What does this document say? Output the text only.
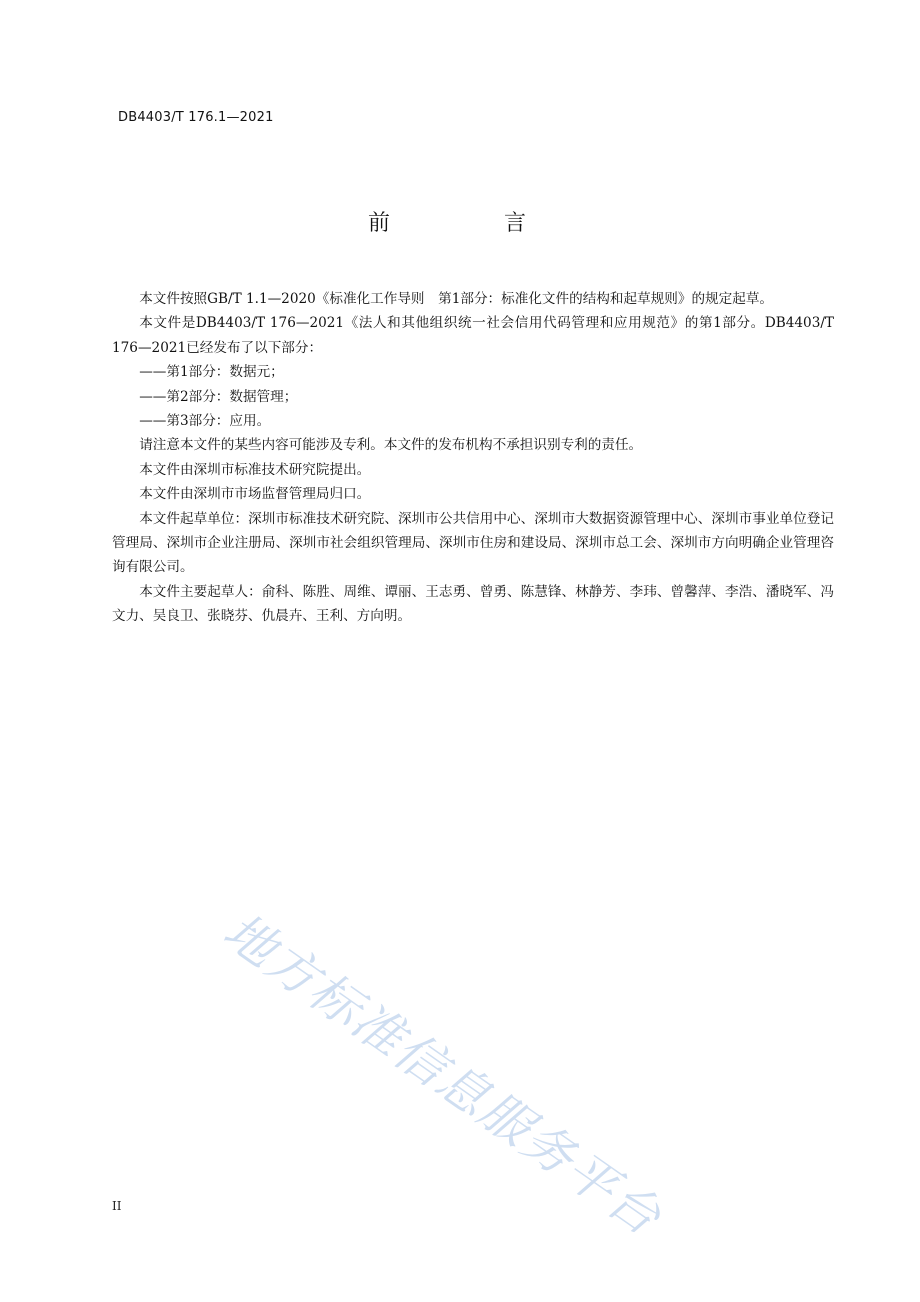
DB4403/T 176.1—2021
前　言

本文件按照GB/T 1.1—2020《标准化工作导则　第1部分：标准化文件的结构和起草规则》的规定起草。

本文件是DB4403/T 176—2021《法人和其他组织统一社会信用代码管理和应用规范》的第1部分。DB4403/T 176—2021已经发布了以下部分：

——第1部分：数据元；

——第2部分：数据管理；

——第3部分：应用。

请注意本文件的某些内容可能涉及专利。本文件的发布机构不承担识别专利的责任。

本文件由深圳市标准技术研究院提出。

本文件由深圳市市场监督管理局归口。

本文件起草单位：深圳市标准技术研究院、深圳市公共信用中心、深圳市大数据资源管理中心、深圳市事业单位登记管理局、深圳市企业注册局、深圳市社会组织管理局、深圳市住房和建设局、深圳市总工会、深圳市方向明确企业管理咨询有限公司。

本文件主要起草人：俞科、陈胜、周维、谭丽、王志勇、曾勇、陈慧锋、林静芳、李玮、曾馨萍、李浩、潘晓军、冯文力、吴良卫、张晓芬、仇晨卉、王利、方向明。

地方标准信息服务平台
II
